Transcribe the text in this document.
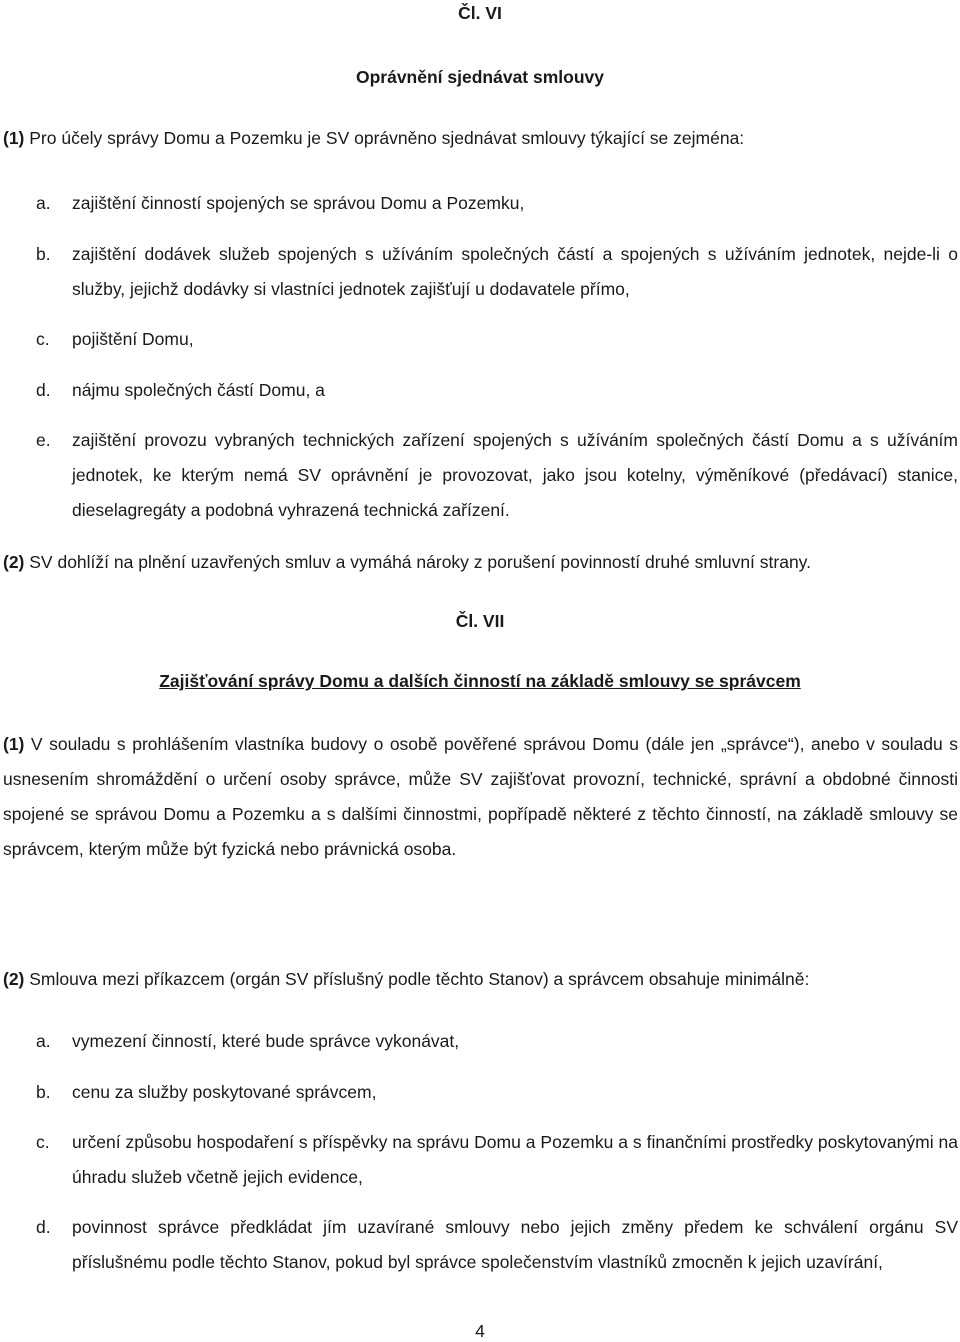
Čl. VI
Oprávnění sjednávat smlouvy
(1) Pro účely správy Domu a Pozemku je SV oprávněno sjednávat smlouvy týkající se zejména:
a.	zajištění činností spojených se správou Domu a Pozemku,
b.	zajištění dodávek služeb spojených s užíváním společných částí a spojených s užíváním jednotek, nejde-li o služby, jejichž dodávky si vlastníci jednotek zajišťují u dodavatele přímo,
c.	pojištění Domu,
d.	nájmu společných částí Domu, a
e.	zajištění provozu vybraných technických zařízení spojených s užíváním společných částí Domu a s užíváním jednotek, ke kterým nemá SV oprávnění je provozovat, jako jsou kotelny, výměníkové (předávací) stanice, dieselagregáty a podobná vyhrazená technická zařízení.
(2) SV dohlíží na plnění uzavřených smluv a vymáhá nároky z porušení povinností druhé smluvní strany.
Čl. VII
Zajišťování správy Domu a dalších činností na základě smlouvy se správcem
(1) V souladu s prohlášením vlastníka budovy o osobě pověřené správou Domu (dále jen „správce“), anebo v souladu s usnesením shromáždění o určení osoby správce, může SV zajišťovat provozní, technické, správní a obdobné činnosti spojené se správou Domu a Pozemku a s dalšími činnostmi, popřípadě některé z těchto činností, na základě smlouvy se správcem, kterým může být fyzická nebo právnická osoba.
(2) Smlouva mezi příkazcem (orgán SV příslušný podle těchto Stanov) a správcem obsahuje minimálně:
a.	vymezení činností, které bude správce vykonávat,
b.	cenu za služby poskytované správcem,
c.	určení způsobu hospodaření s příspěvky na správu Domu a Pozemku a s finančními prostředky poskytovanými na úhradu služeb včetně jejich evidence,
d.	povinnost správce předkládat jím uzavírané smlouvy nebo jejich změny předem ke schválení orgánu SV příslušnému podle těchto Stanov, pokud byl správce společenstvím vlastníků zmocněn k jejich uzavírání,
4
